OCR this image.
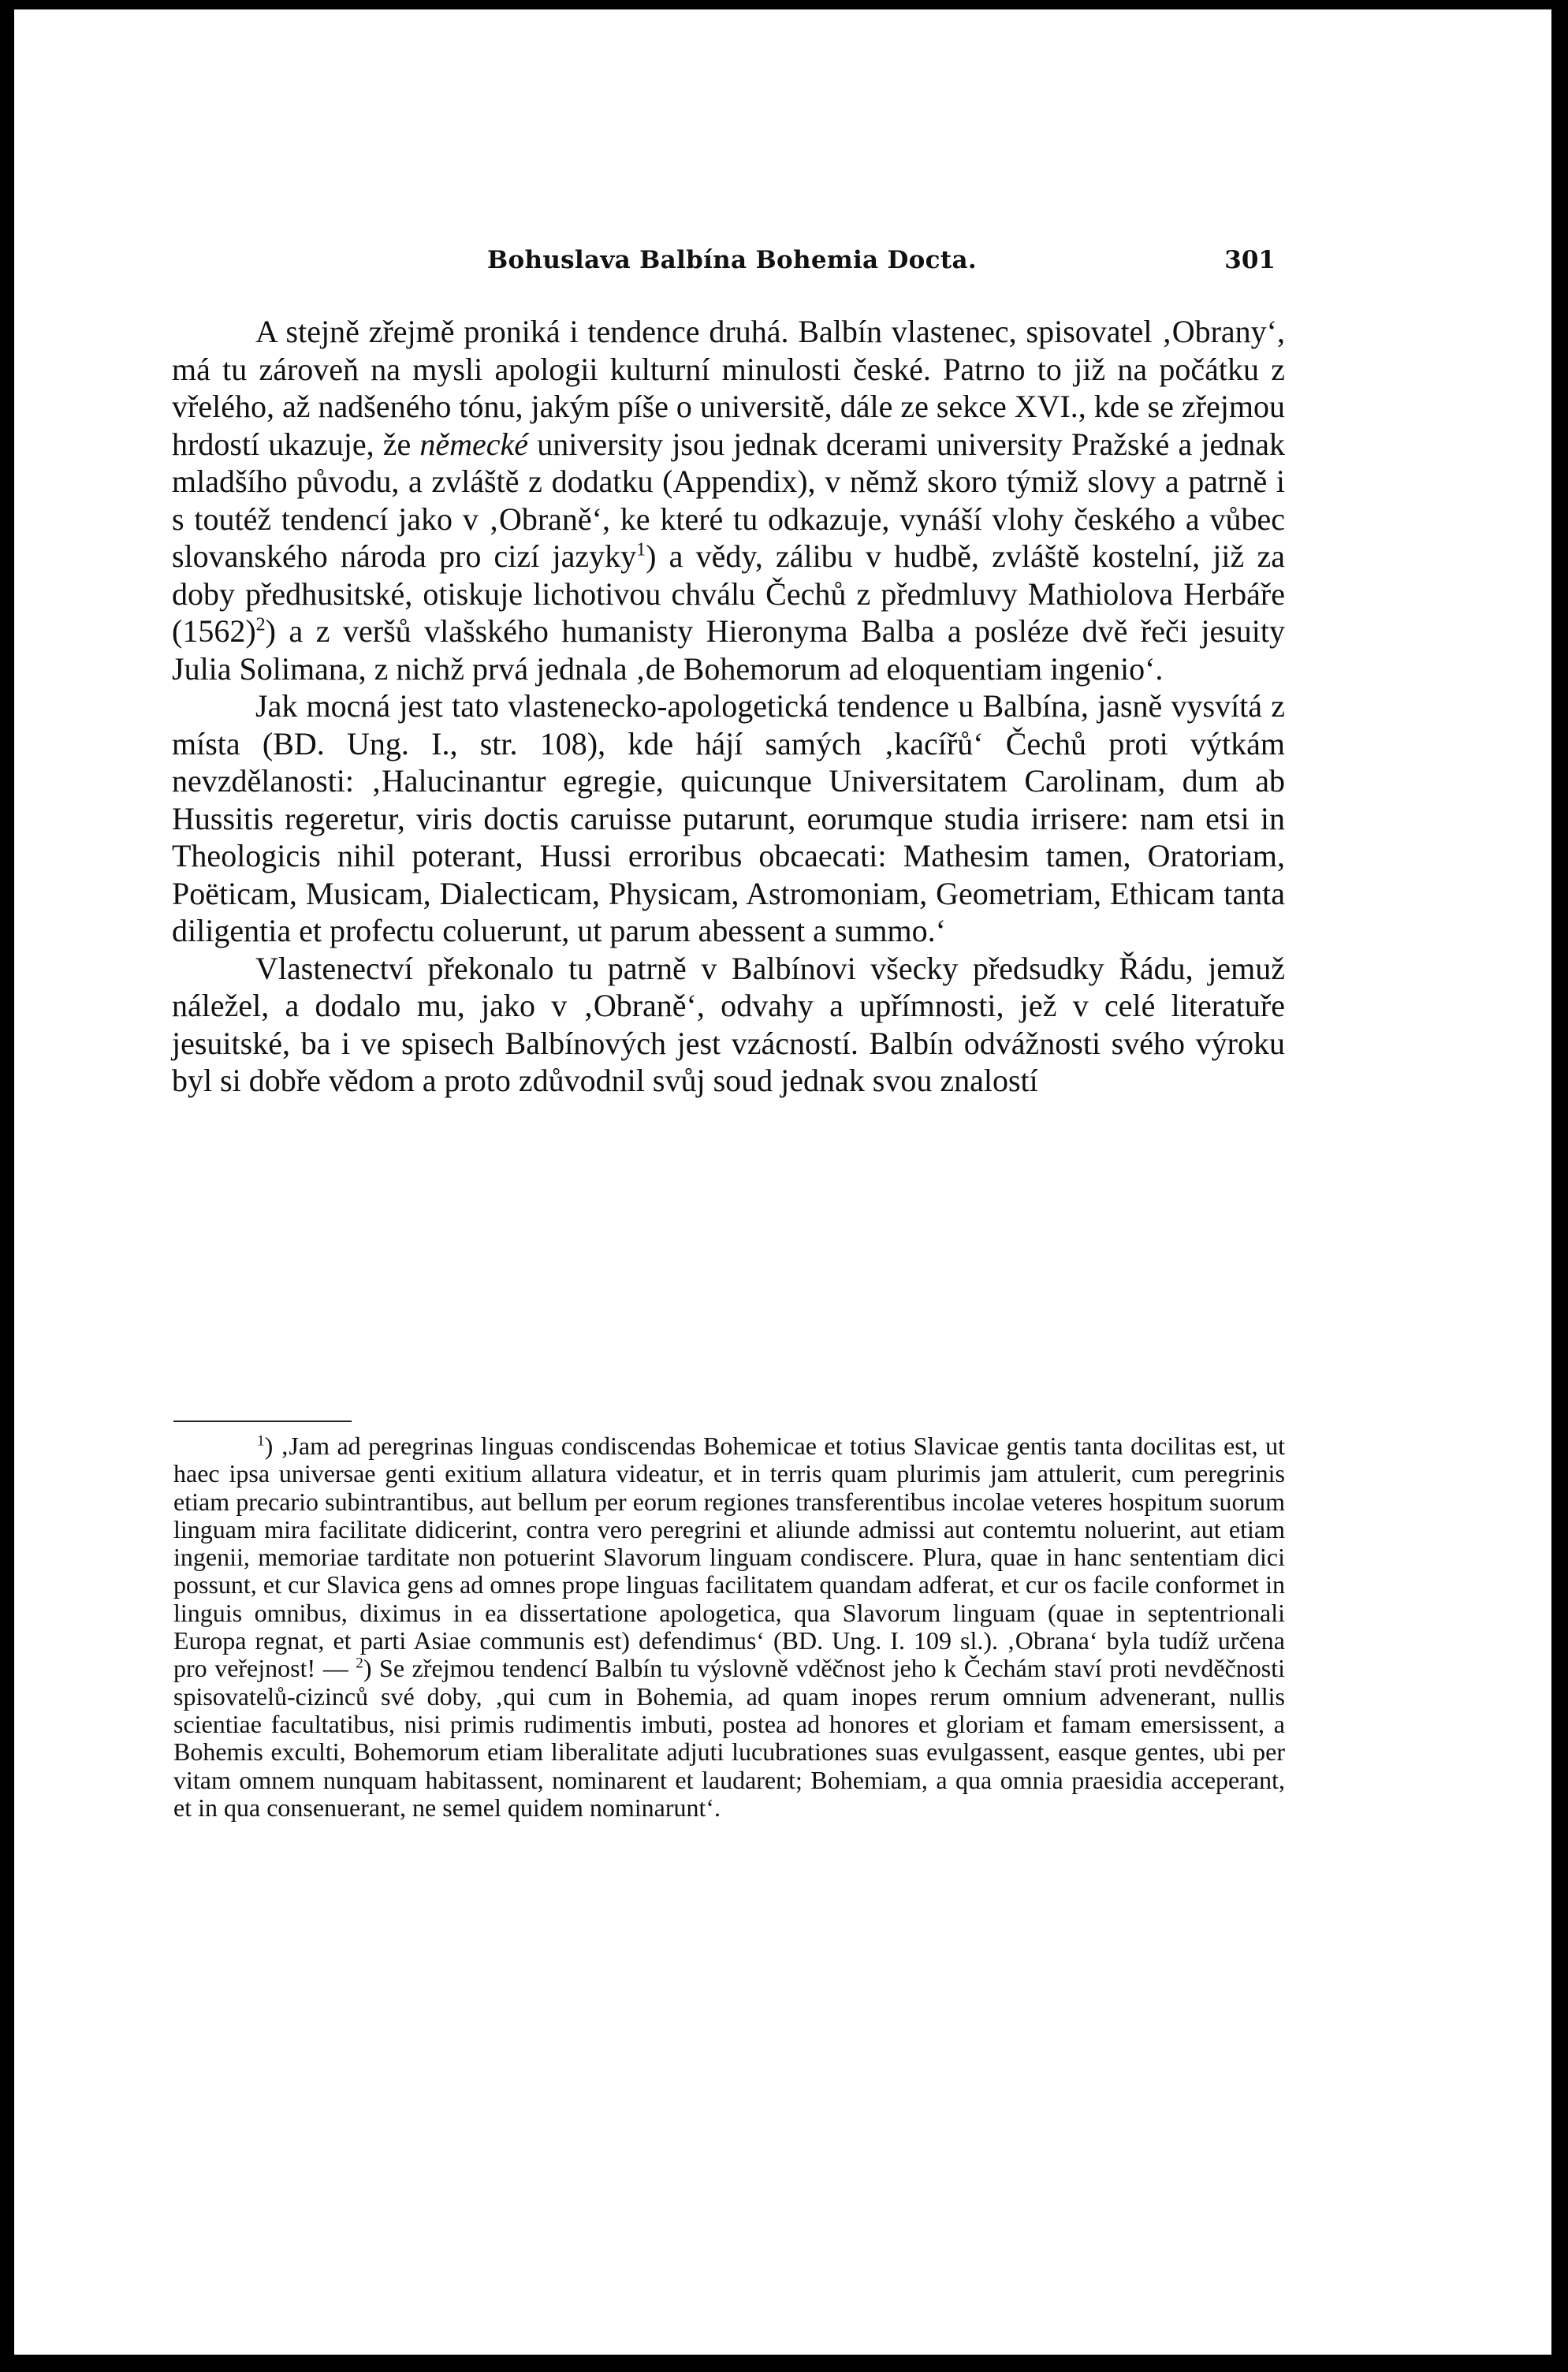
Bohuslava Balbína Bohemia Docta.	301

A stejně zřejmě proniká i tendence druhá. Balbín vlastenec, spisovatel ‚Obrany‘, má tu zároveň na mysli apologii kulturní minulosti české. Patrno to již na počátku z vřelého, až nadšeného tónu, jakým píše o universitě, dále ze sekce XVI., kde se zřejmou hrdostí ukazuje, že německé university jsou jednak dcerami university Pražské a jednak mladšího původu, a zvláště z dodatku (Appendix), v němž skoro týmiž slovy a patrně i s toutéž tendencí jako v ‚Obraně‘, ke které tu odkazuje, vynáší vlohy českého a vůbec slovanského národa pro cizí jazyky$^1$) a vědy, zálibu v hudbě, zvláště kostelní, již za doby předhusitské, otiskuje lichotivou chválu Čechů z předmluvy Mathiolova Herbáře $(1562)^2$) a z veršů vlašského humanisty Hieronyma Balba a posléze dvě řeči jesuity Julia Solimana, z nichž prvá jednala ‚de Bohemorum ad eloquentiam ingenio‘.

Jak mocná jest tato vlastenecko-apologetická tendence u Balbína, jasně vysvítá z místa (BD. Ung. I., str. 108), kde hájí samých ‚kacířů‘ Čechů proti výtkám nevzdělanosti: ‚Halucinantur egregie, quicunque Universitatem Carolinam, dum ab Hussitis regeretur, viris doctis caruisse putarunt, eorumque studia irrisere: nam etsi in Theologicis nihil poterant, Hussi erroribus obcaecati: Mathesim tamen, Oratoriam, Poëticam, Musicam, Dialecticam, Physicam, Astromoniam, Geometriam, Ethicam tanta diligentia et profectu coluerunt, ut parum abessent a summo.‘

Vlastenectví překonalo tu patrně v Balbínovi všecky předsudky Řádu, jemuž náležel, a dodalo mu, jako v ‚Obraně‘, odvahy a upřímnosti, jež v celé literatuře jesuitské, ba i ve spisech Balbínových jest vzácností. Balbín odvážnosti svého výroku byl si dobře vědom a proto zdůvodnil svůj soud jednak svou znalostí

$^1$) ‚Jam ad peregrinas linguas condiscendas Bohemicae et totius Slavicae gentis tanta docilitas est, ut haec ipsa universae genti exitium allatura videatur, et in terris quam plurimis jam attulerit, cum peregrinis etiam precario subintrantibus, aut bellum per eorum regiones transferentibus incolae veteres hospitum suorum linguam mira facilitate didicerint, contra vero peregrini et aliunde admissi aut contemtu noluerint, aut etiam ingenii, memoriae tarditate non potuerint Slavorum linguam condiscere. Plura, quae in hanc sententiam dici possunt, et cur Slavica gens ad omnes prope linguas facilitatem quandam adferat, et cur os facile conformet in linguis omnibus, diximus in ea dissertatione apologetica, qua Slavorum linguam (quae in septentrionali Europa regnat, et parti Asiae communis est) defendimus‘ (BD. Ung. I. 109 sl.). ‚Obrana‘ byla tudíž určena pro veřejnost! — $^2$) Se zřejmou tendencí Balbín tu výslovně vděčnost jeho k Čechám staví proti nevděčnosti spisovatelů-cizinců své doby, ‚qui cum in Bohemia, ad quam inopes rerum omnium advenerant, nullis scientiae facultatibus, nisi primis rudimentis imbuti, postea ad honores et gloriam et famam emersissent, a Bohemis exculti, Bohemorum etiam liberalitate adjuti lucubrationes suas evulgassent, easque gentes, ubi per vitam omnem nunquam habitassent, nominarent et laudarent; Bohemiam, a qua omnia praesidia acceperant, et in qua consenuerant, ne semel quidem nominarunt‘.
